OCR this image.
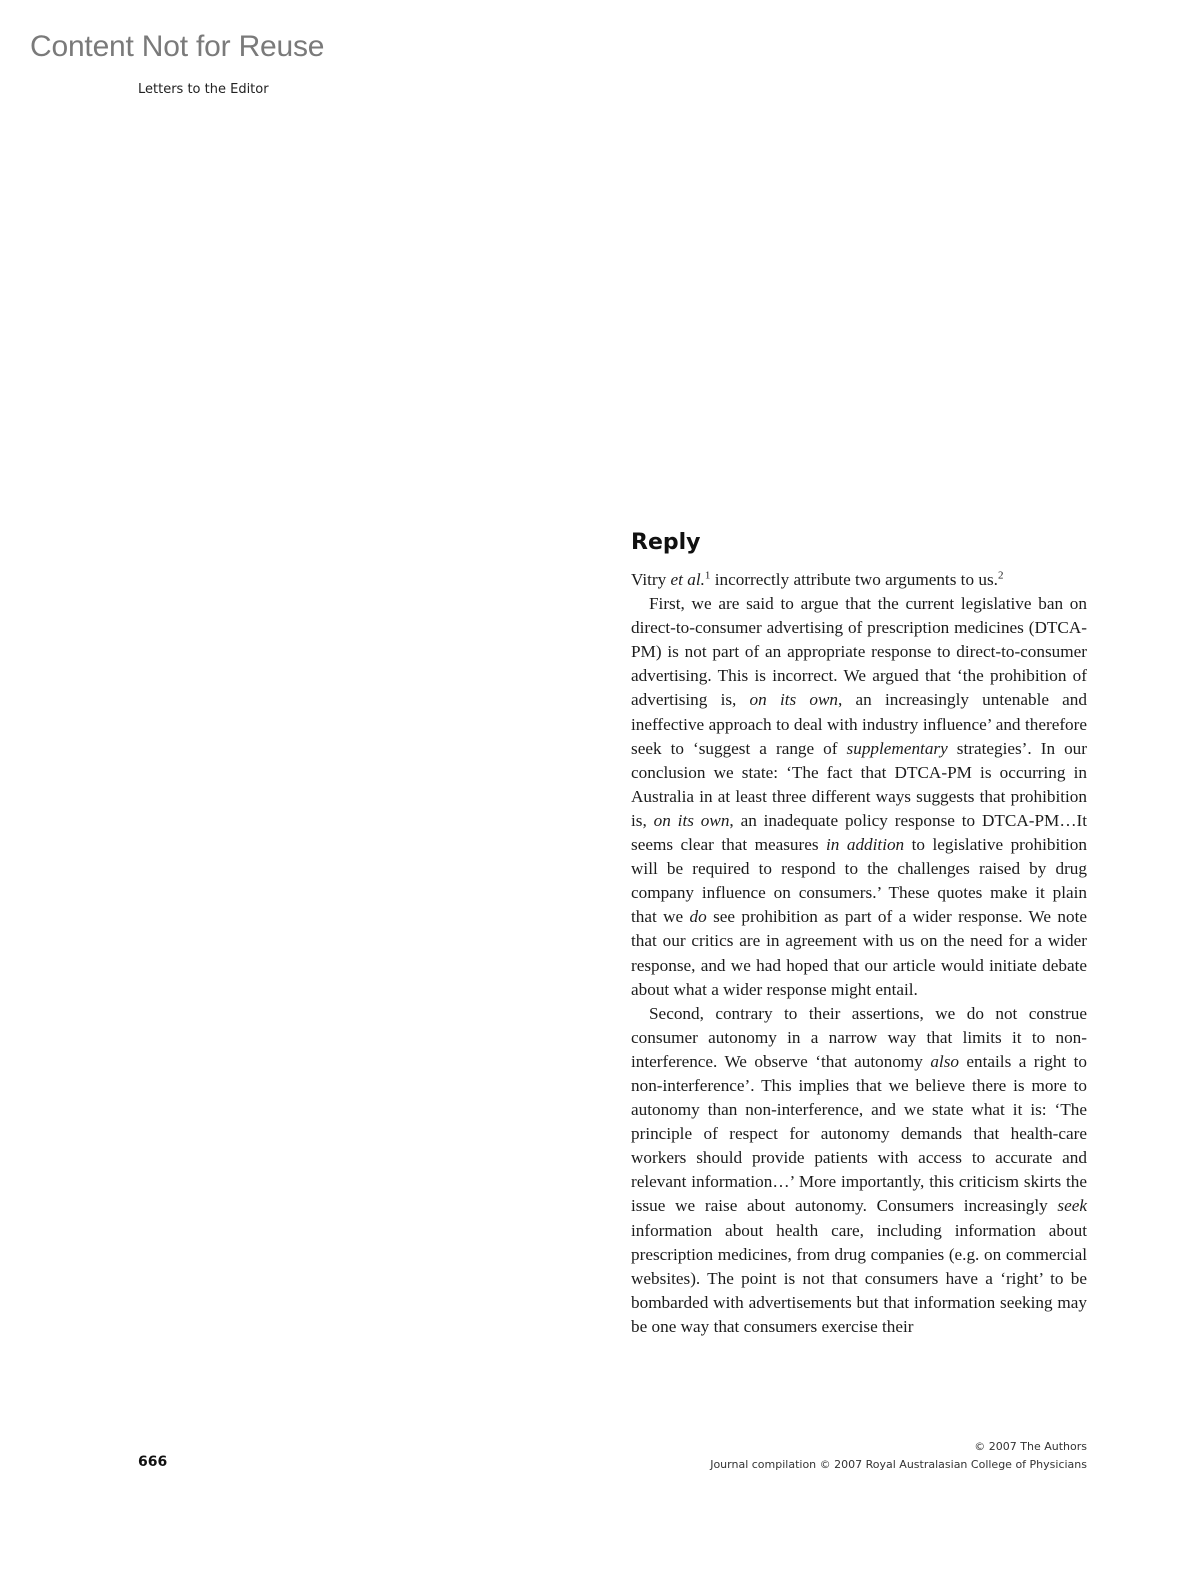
Content Not for Reuse
Letters to the Editor
Reply

Vitry et al.$^1$ incorrectly attribute two arguments to us.$^2$

First, we are said to argue that the current legislative ban on direct-to-consumer advertising of prescription medicines (DTCA-PM) is not part of an appropriate response to direct-to-consumer advertising. This is incorrect. We argued that ‘the prohibition of advertising is, on its own, an increasingly untenable and ineffective approach to deal with industry influence’ and therefore seek to ‘suggest a range of supplementary strategies’. In our conclusion we state: ‘The fact that DTCA-PM is occurring in Australia in at least three different ways suggests that prohibition is, on its own, an inadequate policy response to DTCA-PM…It seems clear that measures in addition to legislative prohibition will be required to respond to the challenges raised by drug company influence on consumers.’ These quotes make it plain that we do see prohibition as part of a wider response. We note that our critics are in agreement with us on the need for a wider response, and we had hoped that our article would initiate debate about what a wider response might entail.

Second, contrary to their assertions, we do not construe consumer autonomy in a narrow way that limits it to non-interference. We observe ‘that autonomy also entails a right to non-interference’. This implies that we believe there is more to autonomy than non-interference, and we state what it is: ‘The principle of respect for autonomy demands that health-care workers should provide patients with access to accurate and relevant information…’ More importantly, this criticism skirts the issue we raise about autonomy. Consumers increasingly seek information about health care, including information about prescription medicines, from drug companies (e.g. on commercial websites). The point is not that consumers have a ‘right’ to be bombarded with advertisements but that information seeking may be one way that consumers exercise their

666
© 2007 The Authors
Journal compilation © 2007 Royal Australasian College of Physicians
